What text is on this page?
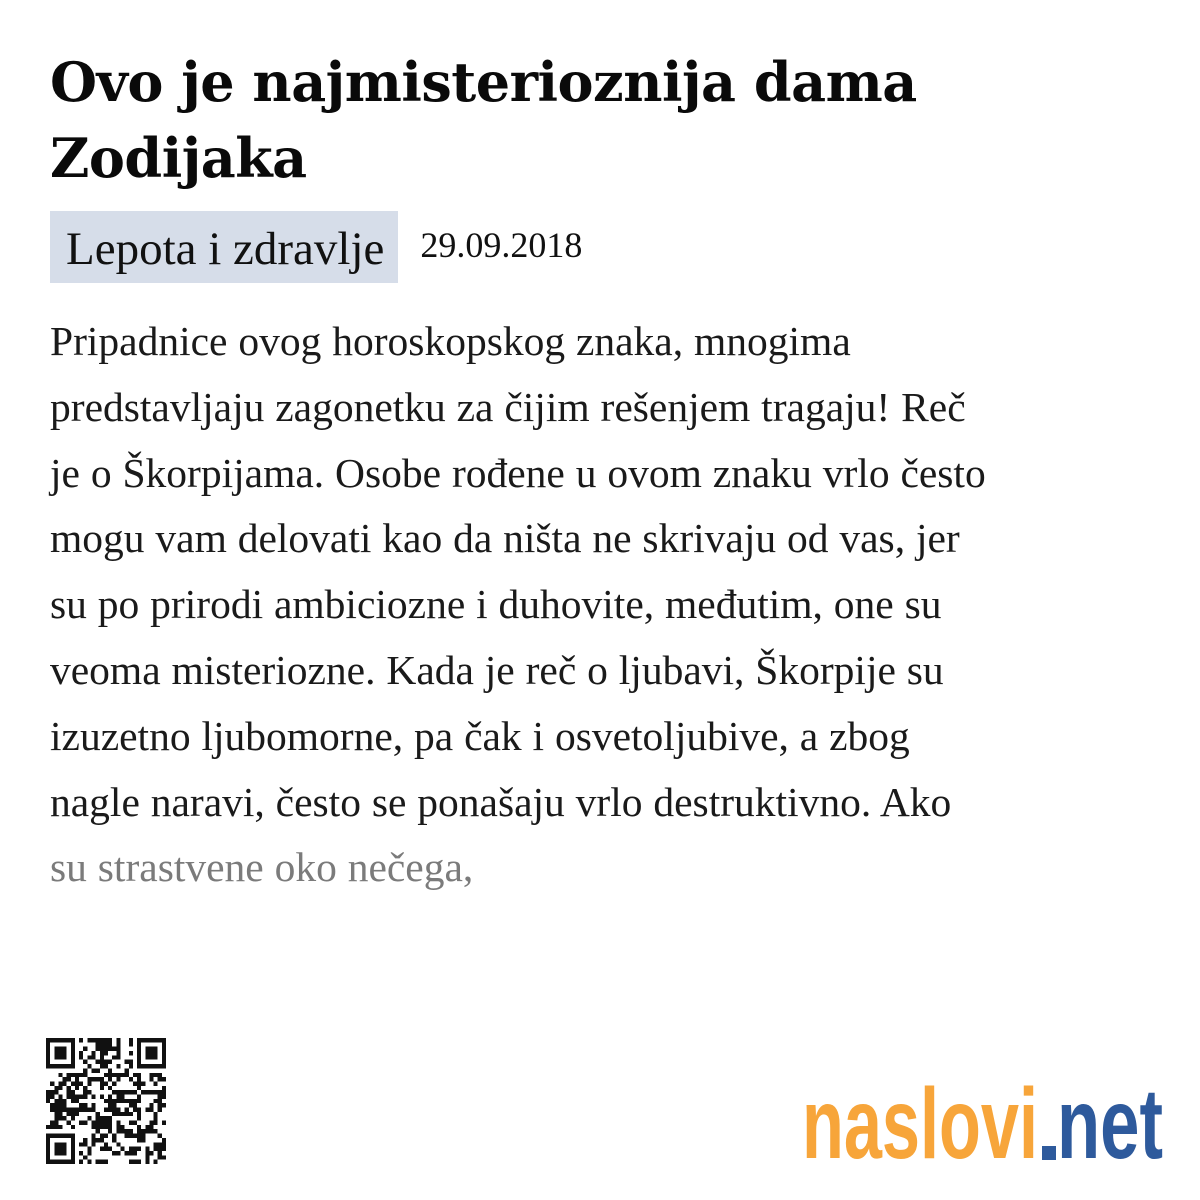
Ovo je najmisterioznija dama Zodijaka
Lepota i zdravlje	29.09.2018
Pripadnice ovog horoskopskog znaka, mnogima
predstavljaju zagonetku za čijim rešenjem tragaju! Reč
je o Škorpijama. Osobe rođene u ovom znaku vrlo često
mogu vam delovati kao da ništa ne skrivaju od vas, jer
su po prirodi ambiciozne i duhovite, međutim, one su
veoma misteriozne. Kada je reč o ljubavi, Škorpije su
izuzetno ljubomorne, pa čak i osvetoljubive, a zbog
nagle naravi, često se ponašaju vrlo destruktivno. Ako
su strastvene oko nečega,
naslovi net
